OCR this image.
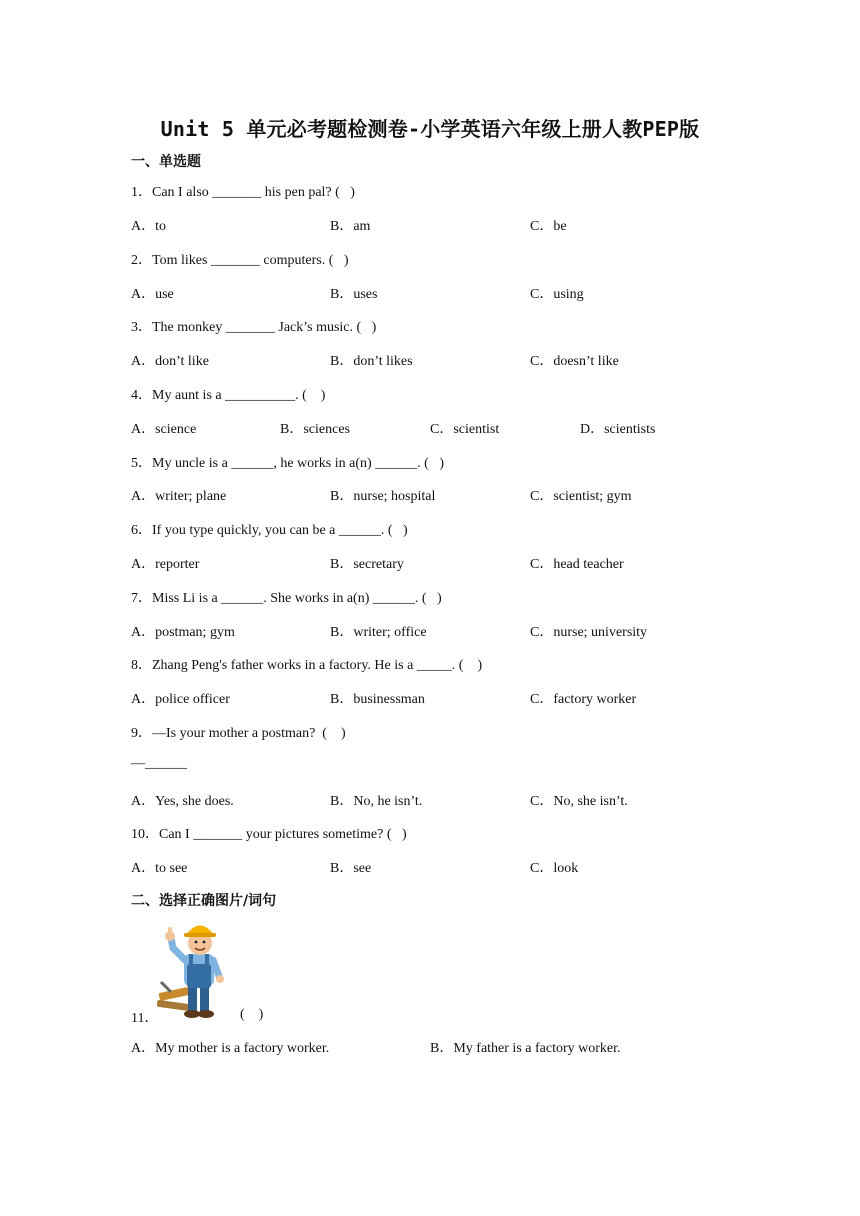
Unit 5 单元必考题检测卷-小学英语六年级上册人教PEP版
一、单选题
1．Can I also _______ his pen pal? (   )
A．to	B．am	C．be
2．Tom likes _______ computers. (   )
A．use	B．uses	C．using
3．The monkey _______ Jack’s music. (   )
A．don’t like	B．don’t likes	C．doesn’t like
4．My aunt is a __________. (    )
A．science	B．sciences	C．scientist	D．scientists
5．My uncle is a ______, he works in a(n) ______. (   )
A．writer; plane	B．nurse; hospital	C．scientist; gym
6．If you type quickly, you can be a ______. (   )
A．reporter	B．secretary	C．head teacher
7．Miss Li is a ______. She works in a(n) ______. (   )
A．postman; gym	B．writer; office	C．nurse; university
8．Zhang Peng's father works in a factory. He is a _____. (    )
A．police officer	B．businessman	C．factory worker
9．—Is your mother a postman?  (    )
—______
A．Yes, she does.	B．No, he isn’t.	C．No, she isn’t.
10．Can I _______ your pictures sometime? (   )
A．to see	B．see	C．look
二、选择正确图片/词句
11．	(    )
A．My mother is a factory worker.	B．My father is a factory worker.
